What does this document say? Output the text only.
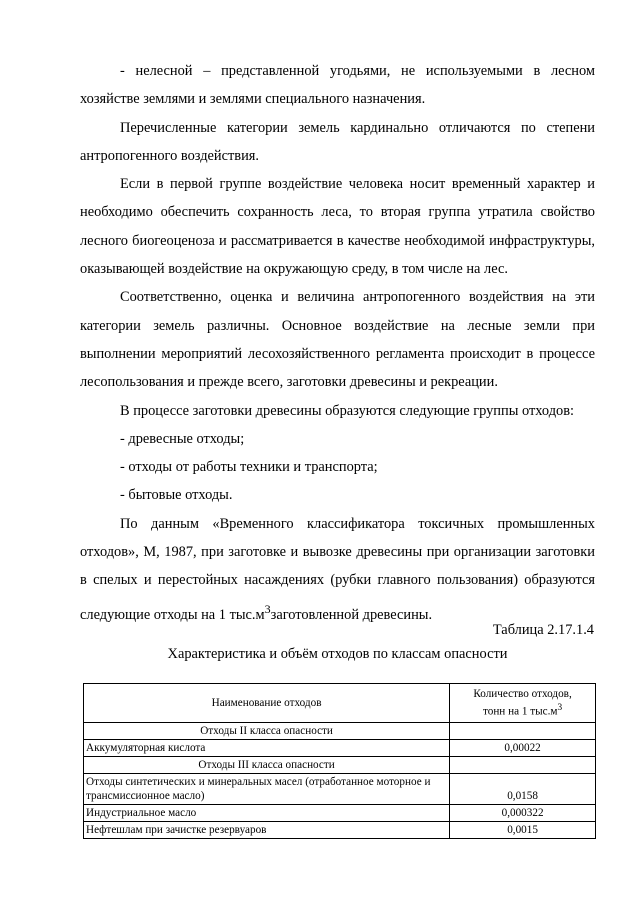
- нелесной – представленной угодьями, не используемыми в лесном хозяйстве землями и землями специального назначения.

Перечисленные категории земель кардинально отличаются по степени антропогенного воздействия.

Если в первой группе воздействие человека носит временный характер и необходимо обеспечить сохранность леса, то вторая группа утратила свойство лесного биогеоценоза и рассматривается в качестве необходимой инфраструктуры, оказывающей воздействие на окружающую среду, в том числе на лес.

Соответственно, оценка и величина антропогенного воздействия на эти категории земель различны. Основное воздействие на лесные земли при выполнении мероприятий лесохозяйственного регламента происходит в процессе лесопользования и прежде всего, заготовки древесины и рекреации.

В процессе заготовки древесины образуются следующие группы отходов:

- древесные отходы;

- отходы от работы техники и транспорта;

- бытовые отходы.

По данным «Временного классификатора токсичных промышленных отходов», М, 1987, при заготовке и вывозке древесины при организации заготовки в спелых и перестойных насаждениях (рубки главного пользования) образуются следующие отходы на 1 $тыс.м^3заготовленной$ древесины.

Таблица 2.17.1.4
Характеристика и объём отходов по классам опасности
Наименование отходов	Количество отходов,
тонн на 1 $тыс.м^3$
Отходы II класса опасности	
Аккумуляторная кислота	0,00022
Отходы III класса опасности	
Отходы синтетических и минеральных масел (отработанное моторное и трансмиссионное масло)	0,0158
Индустриальное масло	0,000322
Нефтешлам при зачистке резервуаров	0,0015
